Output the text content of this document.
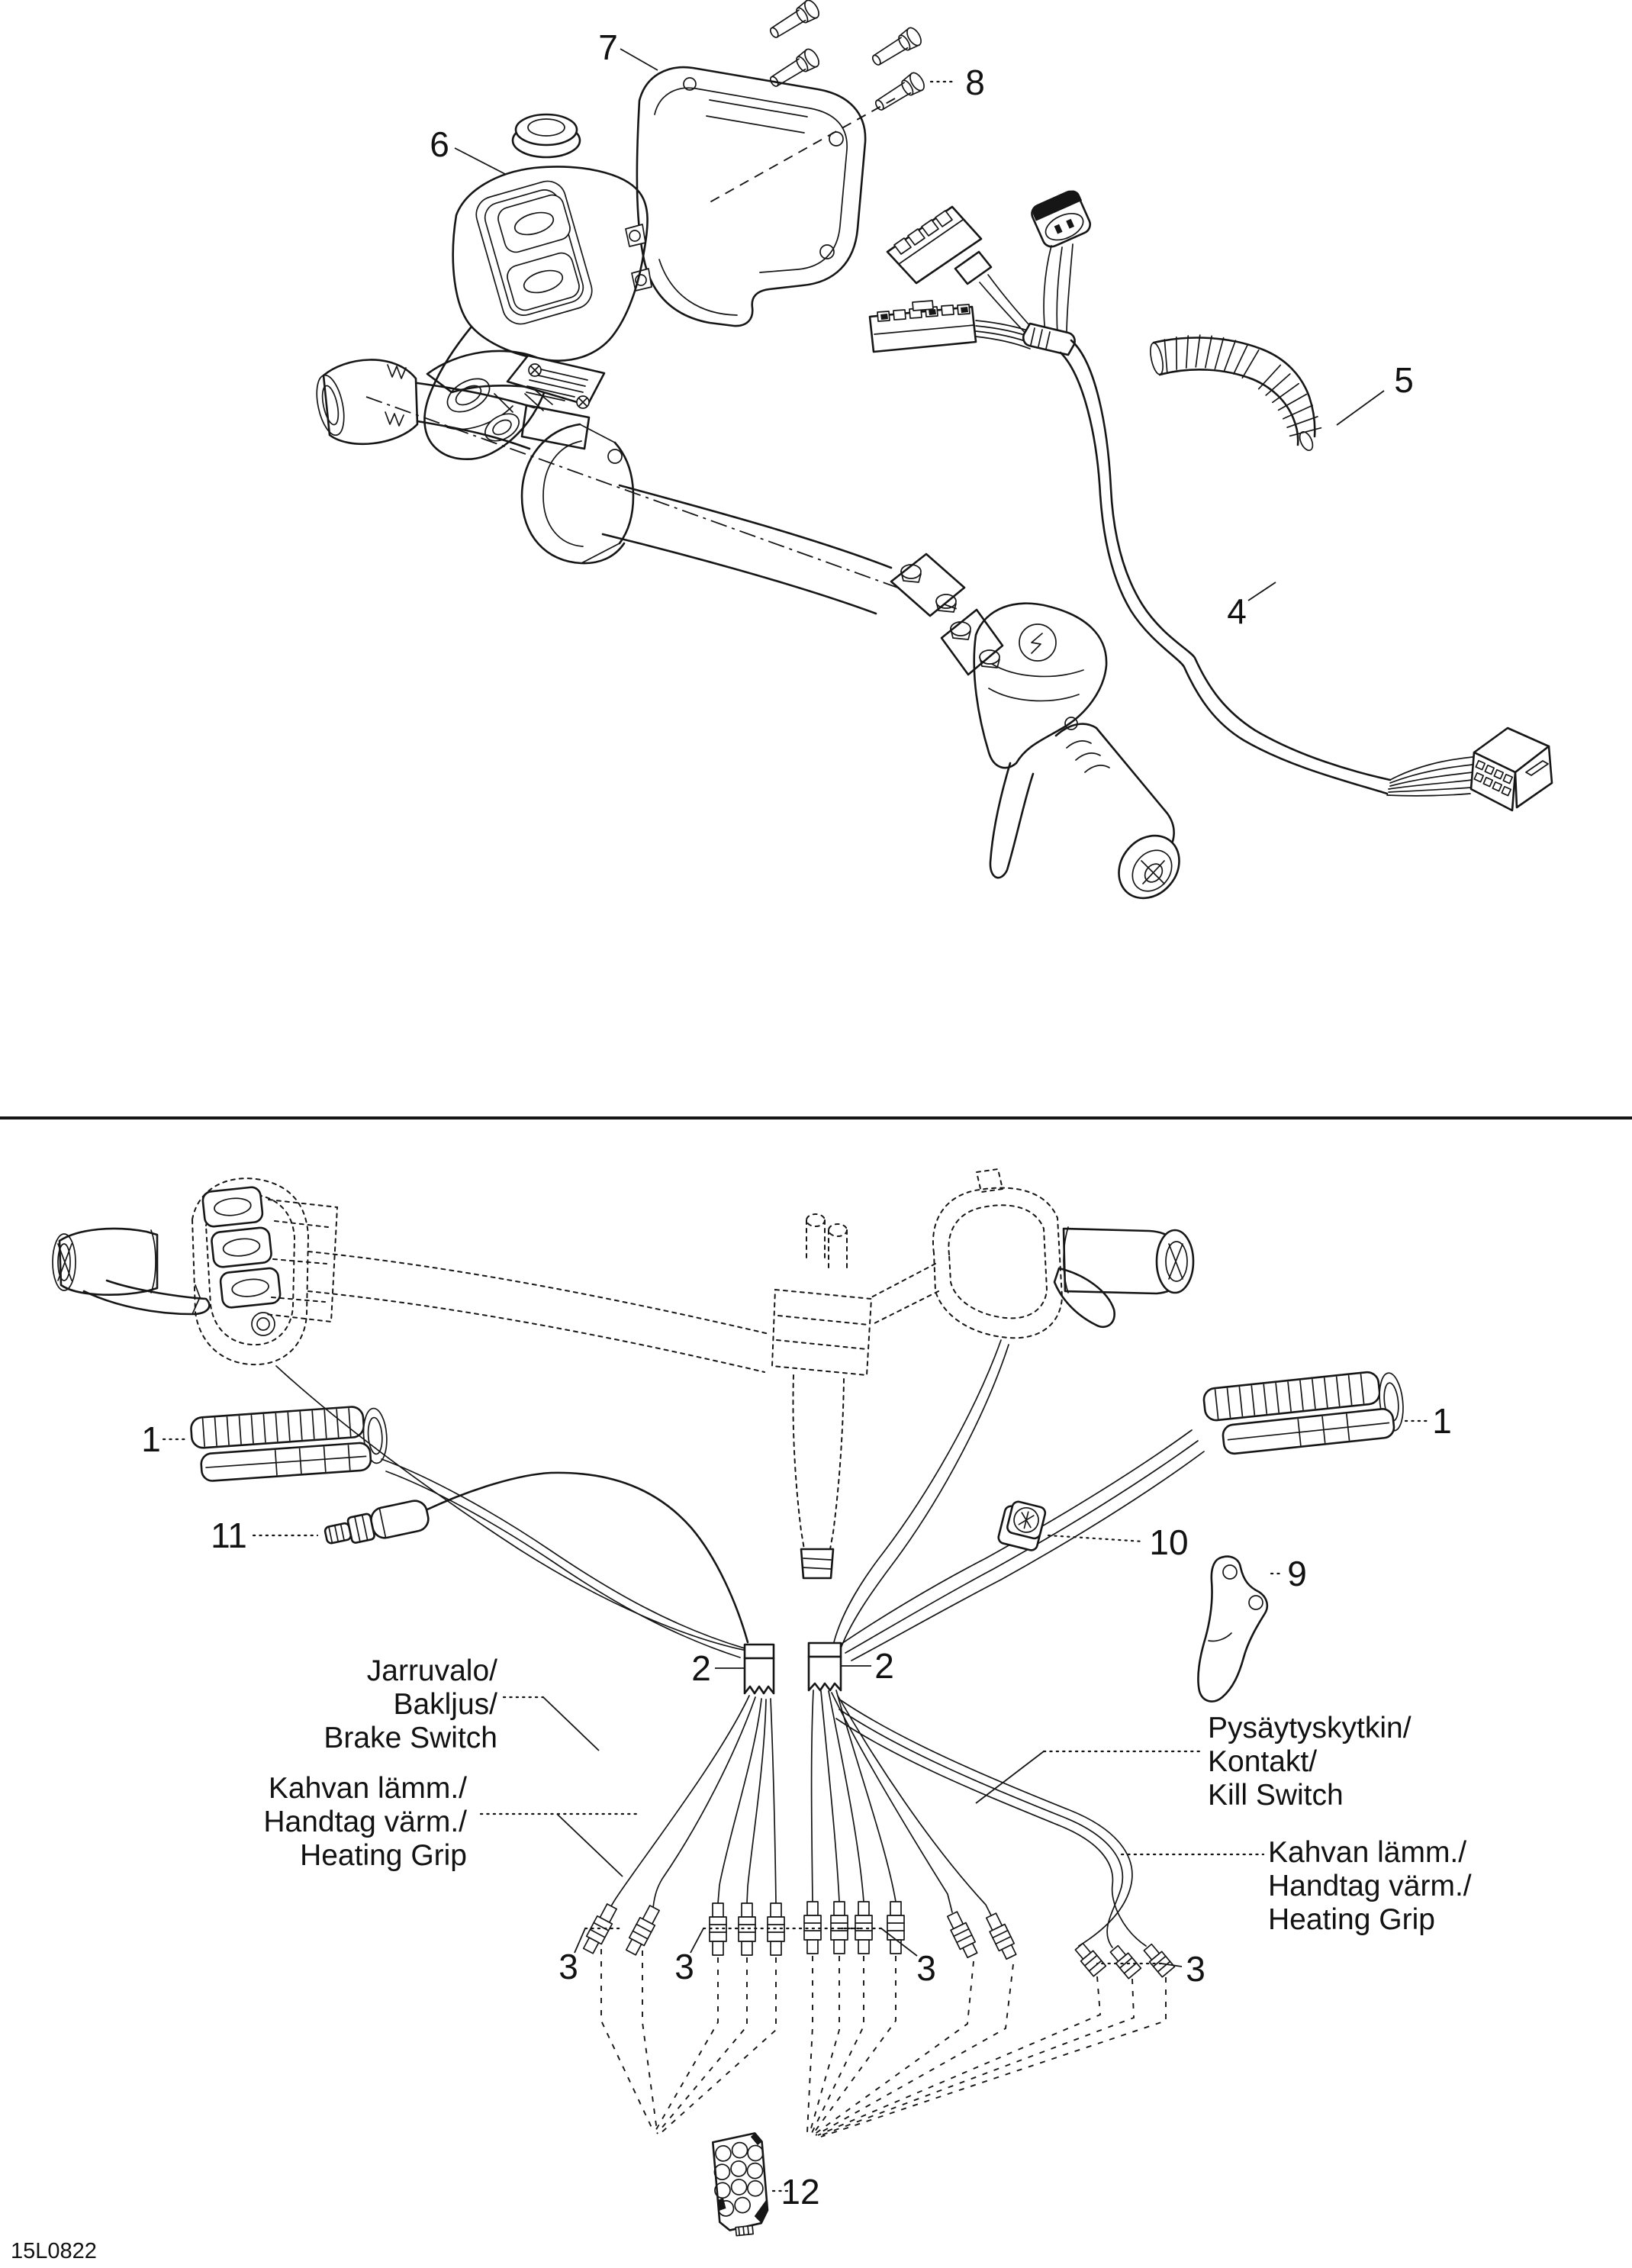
7
6
8
5
4
1	1
11	10
9
2	2
3	3	3	3
12
Jarruvalo/
Bakljus/
Brake Switch
Kahvan lämm./
Handtag värm./
Heating Grip
Pysäytyskytkin/
Kontakt/
Kill Switch
Kahvan lämm./
Handtag värm./
Heating Grip
15L0822
